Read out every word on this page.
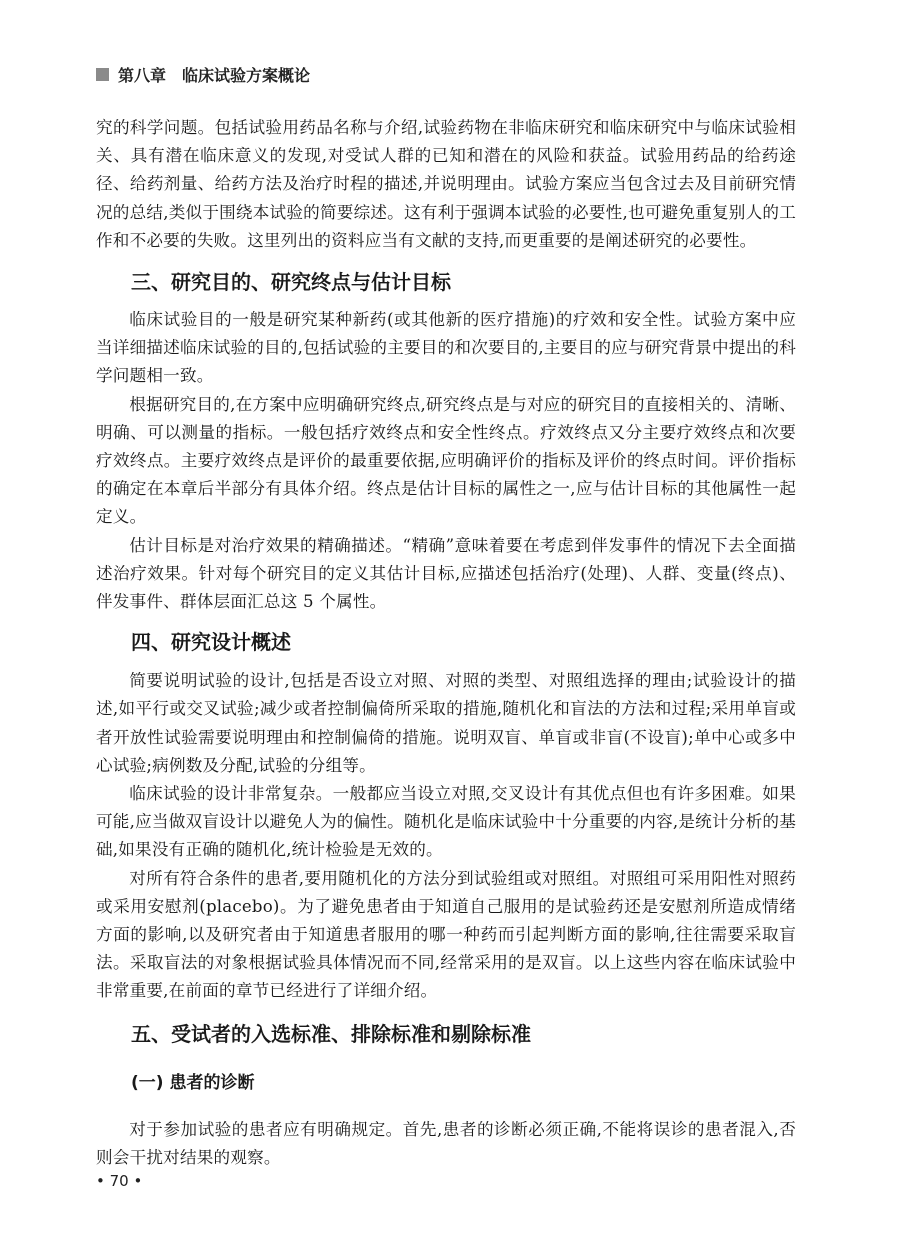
第八章 临床试验方案概论

究的科学问题。包括试验用药品名称与介绍,试验药物在非临床研究和临床研究中与临床试验相关、具有潜在临床意义的发现,对受试人群的已知和潜在的风险和获益。试验用药品的给药途径、给药剂量、给药方法及治疗时程的描述,并说明理由。试验方案应当包含过去及目前研究情况的总结,类似于围绕本试验的简要综述。这有利于强调本试验的必要性,也可避免重复别人的工作和不必要的失败。这里列出的资料应当有文献的支持,而更重要的是阐述研究的必要性。

三、研究目的、研究终点与估计目标

临床试验目的一般是研究某种新药(或其他新的医疗措施)的疗效和安全性。试验方案中应当详细描述临床试验的目的,包括试验的主要目的和次要目的,主要目的应与研究背景中提出的科学问题相一致。

根据研究目的,在方案中应明确研究终点,研究终点是与对应的研究目的直接相关的、清晰、明确、可以测量的指标。一般包括疗效终点和安全性终点。疗效终点又分主要疗效终点和次要疗效终点。主要疗效终点是评价的最重要依据,应明确评价的指标及评价的终点时间。评价指标的确定在本章后半部分有具体介绍。终点是估计目标的属性之一,应与估计目标的其他属性一起定义。

估计目标是对治疗效果的精确描述。“精确”意味着要在考虑到伴发事件的情况下去全面描述治疗效果。针对每个研究目的定义其估计目标,应描述包括治疗(处理)、人群、变量(终点)、伴发事件、群体层面汇总这 5 个属性。

四、研究设计概述

简要说明试验的设计,包括是否设立对照、对照的类型、对照组选择的理由;试验设计的描述,如平行或交叉试验;减少或者控制偏倚所采取的措施,随机化和盲法的方法和过程;采用单盲或者开放性试验需要说明理由和控制偏倚的措施。说明双盲、单盲或非盲(不设盲);单中心或多中心试验;病例数及分配,试验的分组等。

临床试验的设计非常复杂。一般都应当设立对照,交叉设计有其优点但也有许多困难。如果可能,应当做双盲设计以避免人为的偏性。随机化是临床试验中十分重要的内容,是统计分析的基础,如果没有正确的随机化,统计检验是无效的。

对所有符合条件的患者,要用随机化的方法分到试验组或对照组。对照组可采用阳性对照药或采用安慰剂(placebo)。为了避免患者由于知道自己服用的是试验药还是安慰剂所造成情绪方面的影响,以及研究者由于知道患者服用的哪一种药而引起判断方面的影响,往往需要采取盲法。采取盲法的对象根据试验具体情况而不同,经常采用的是双盲。以上这些内容在临床试验中非常重要,在前面的章节已经进行了详细介绍。

五、受试者的入选标准、排除标准和剔除标准
(一) 患者的诊断

对于参加试验的患者应有明确规定。首先,患者的诊断必须正确,不能将误诊的患者混入,否则会干扰对结果的观察。

• 70 •
